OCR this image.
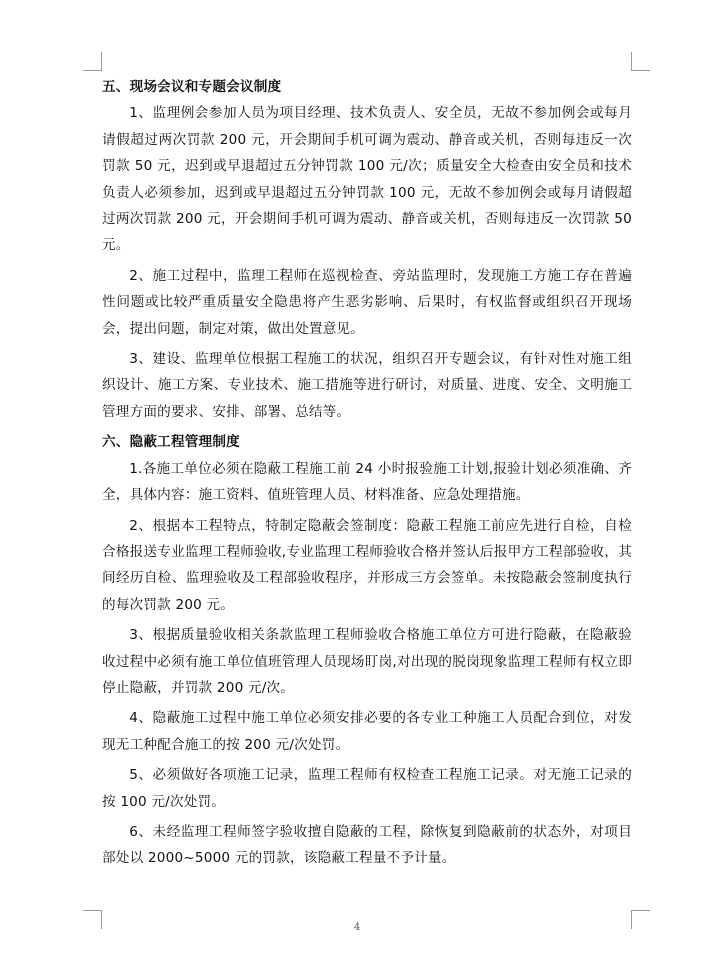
五、现场会议和专题会议制度

1、监理例会参加人员为项目经理、技术负责人、安全员，无故不参加例会或每月请假超过两次罚款 200 元，开会期间手机可调为震动、静音或关机，否则每违反一次罚款 50 元，迟到或早退超过五分钟罚款 100 元/次；质量安全大检查由安全员和技术负责人必须参加，迟到或早退超过五分钟罚款 100 元，无故不参加例会或每月请假超过两次罚款 200 元，开会期间手机可调为震动、静音或关机，否则每违反一次罚款 50 元。

2、施工过程中，监理工程师在巡视检查、旁站监理时，发现施工方施工存在普遍性问题或比较严重质量安全隐患将产生恶劣影响、后果时，有权监督或组织召开现场会，提出问题，制定对策，做出处置意见。

3、建设、监理单位根据工程施工的状况，组织召开专题会议，有针对性对施工组织设计、施工方案、专业技术、施工措施等进行研讨，对质量、进度、安全、文明施工管理方面的要求、安排、部署、总结等。

六、隐蔽工程管理制度

1.各施工单位必须在隐蔽工程施工前 24 小时报验施工计划,报验计划必须准确、齐全，具体内容：施工资料、值班管理人员、材料准备、应急处理措施。

2、根据本工程特点，特制定隐蔽会签制度：隐蔽工程施工前应先进行自检，自检合格报送专业监理工程师验收,专业监理工程师验收合格并签认后报甲方工程部验收，其间经历自检、监理验收及工程部验收程序，并形成三方会签单。未按隐蔽会签制度执行的每次罚款 200 元。

3、根据质量验收相关条款监理工程师验收合格施工单位方可进行隐蔽，在隐蔽验收过程中必须有施工单位值班管理人员现场盯岗,对出现的脱岗现象监理工程师有权立即停止隐蔽，并罚款 200 元/次。

4、隐蔽施工过程中施工单位必须安排必要的各专业工种施工人员配合到位，对发现无工种配合施工的按 200 元/次处罚。

5、必须做好各项施工记录，监理工程师有权检查工程施工记录。对无施工记录的按 100 元/次处罚。

6、未经监理工程师签字验收擅自隐蔽的工程，除恢复到隐蔽前的状态外，对项目部处以 2000~5000 元的罚款，该隐蔽工程量不予计量。

4
